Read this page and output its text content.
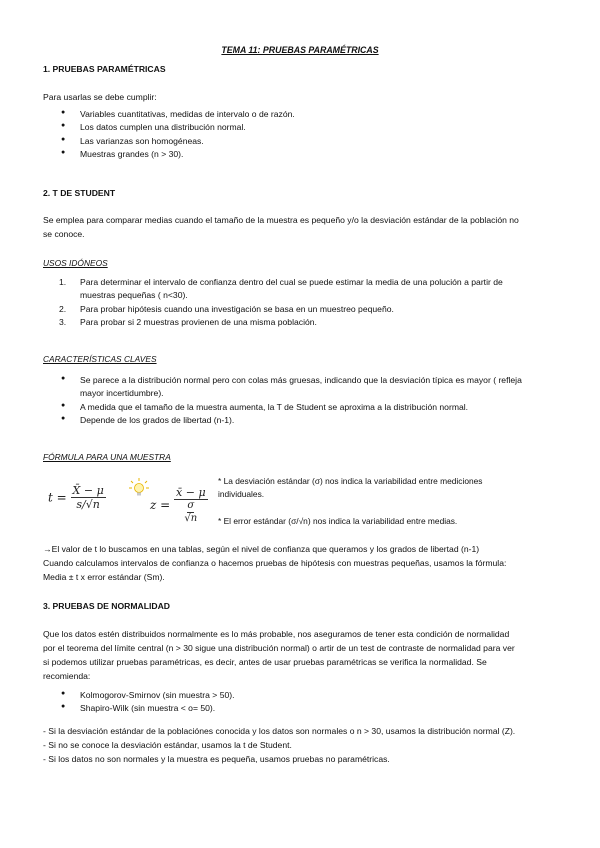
TEMA 11: PRUEBAS PARAMÉTRICAS
1. PRUEBAS PARAMÉTRICAS
Para usarlas se debe cumplir:
● Variables cuantitativas, medidas de intervalo o de razón.
● Los datos cumplen una distribución normal.
● Las varianzas son homogéneas.
● Muestras grandes (n > 30).
2. T DE STUDENT
Se emplea para comparar medias cuando el tamaño de la muestra es pequeño y/o la desviación estándar de la población no
se conoce.
USOS IDÓNEOS
1. Para determinar el intervalo de confianza dentro del cual se puede estimar la media de una polución a partir de
muestras pequeñas ( n<30).
2. Para probar hipótesis cuando una investigación se basa en un muestreo pequeño.
3. Para probar si 2 muestras provienen de una misma población.
CARACTERÍSTICAS CLAVES
● Se parece a la distribución normal pero con colas más gruesas, indicando que la desviación típica es mayor ( refleja
mayor incertidumbre).
● A medida que el tamaño de la muestra aumenta, la T de Student se aproxima a la distribución normal.
● Depende de los grados de libertad (n-1).
FÓRMULA PARA UNA MUESTRA
$t = \frac{X̄ - \mu}{s/√n}$	z = x̄ − μ
σ
√n
* La desviación estándar (σ) nos indica la variabilidad entre mediciones
individuales.
* El error estándar (σ/√n) nos indica la variabilidad entre medias.
→El valor de t lo buscamos en una tablas, según el nivel de confianza que queramos y los grados de libertad (n-1)
Cuando calculamos intervalos de confianza o hacemos pruebas de hipótesis con muestras pequeñas, usamos la fórmula:
Media ± t x error estándar (Sm).
3. PRUEBAS DE NORMALIDAD
Que los datos estén distribuidos normalmente es lo más probable, nos aseguramos de tener esta condición de normalidad
por el teorema del límite central (n > 30 sigue una distribución normal) o artir de un test de contraste de normalidad para ver
si podemos utilizar pruebas paramétricas, es decir, antes de usar pruebas paramétricas se verifica la normalidad. Se
recomienda:
● Kolmogorov-Smirnov (sin muestra > 50).
● Shapiro-Wilk (sin muestra < o= 50).
- Si la desviación estándar de la poblaciónes conocida y los datos son normales o n > 30, usamos la distribución normal (Z).
- Si no se conoce la desviación estándar, usamos la t de Student.
- Si los datos no son normales y la muestra es pequeña, usamos pruebas no paramétricas.
